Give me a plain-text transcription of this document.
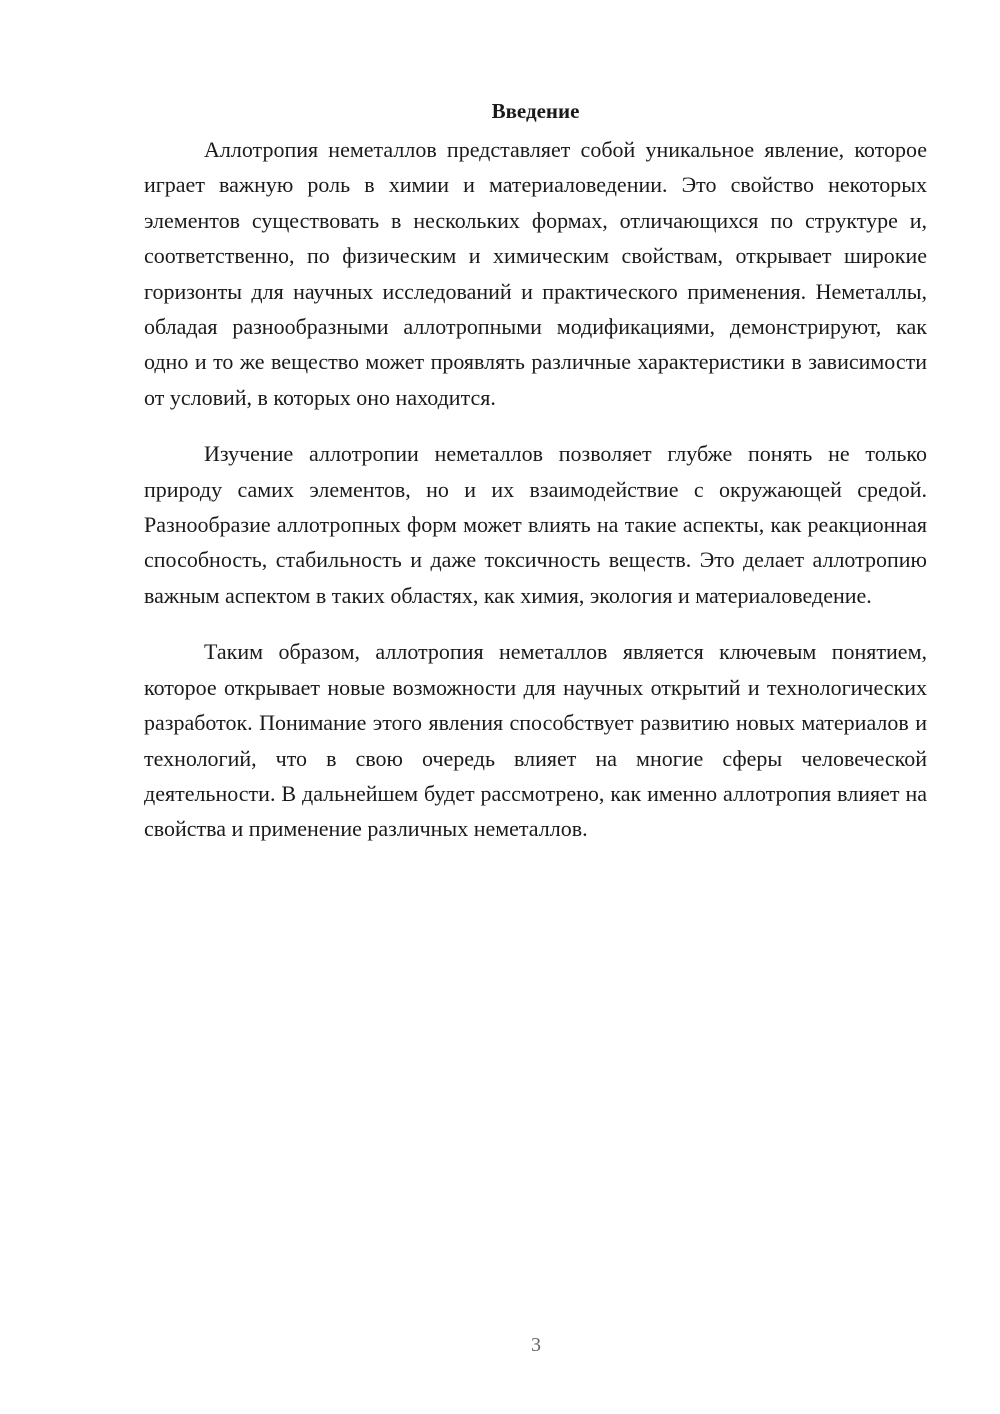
Введение

Аллотропия неметаллов представляет собой уникальное явление, которое играет важную роль в химии и материаловедении. Это свойство некоторых элементов существовать в нескольких формах, отличающихся по структуре и, соответственно, по физическим и химическим свойствам, открывает широкие горизонты для научных исследований и практического применения. Неметаллы, обладая разнообразными аллотропными модификациями, демонстрируют, как одно и то же вещество может проявлять различные характеристики в зависимости от условий, в которых оно находится.

Изучение аллотропии неметаллов позволяет глубже понять не только природу самих элементов, но и их взаимодействие с окружающей средой. Разнообразие аллотропных форм может влиять на такие аспекты, как реакционная способность, стабильность и даже токсичность веществ. Это делает аллотропию важным аспектом в таких областях, как химия, экология и материаловедение.

Таким образом, аллотропия неметаллов является ключевым понятием, которое открывает новые возможности для научных открытий и технологических разработок. Понимание этого явления способствует развитию новых материалов и технологий, что в свою очередь влияет на многие сферы человеческой деятельности. В дальнейшем будет рассмотрено, как именно аллотропия влияет на свойства и применение различных неметаллов.

3
